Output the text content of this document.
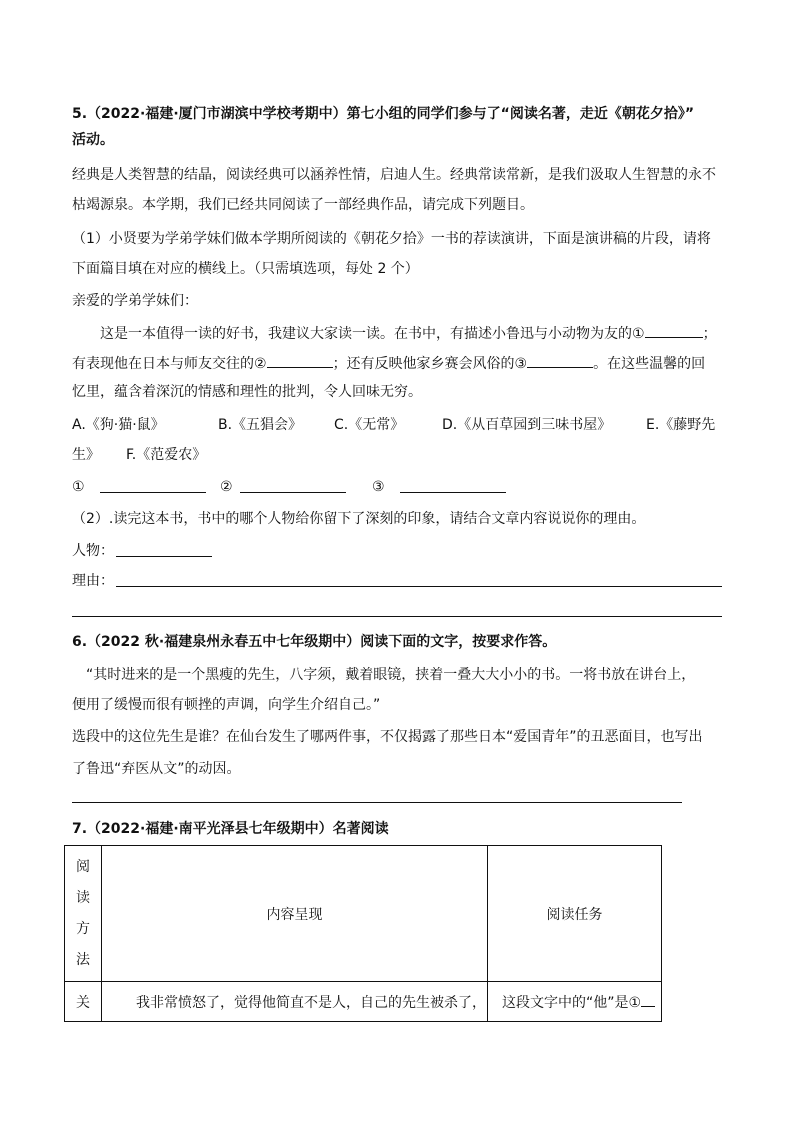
5.（2022·福建·厦门市湖滨中学校考期中）第七小组的同学们参与了“阅读名著，走近《朝花夕拾》”
活动。
经典是人类智慧的结晶，阅读经典可以涵养性情，启迪人生。经典常读常新，是我们汲取人生智慧的永不
枯竭源泉。本学期，我们已经共同阅读了一部经典作品，请完成下列题目。
（1）小贤要为学弟学妹们做本学期所阅读的《朝花夕拾》一书的荐读演讲，下面是演讲稿的片段，请将
下面篇目填在对应的横线上。（只需填选项，每处 2 个）
亲爱的学弟学妹们：
这是一本值得一读的好书，我建议大家读一读。在书中，有描述小鲁迅与小动物为友的①	；
有表现他在日本与师友交往的②	；还有反映他家乡赛会风俗的③	。在这些温馨的回
忆里，蕴含着深沉的情感和理性的批判，令人回味无穷。
A.《狗·猫·鼠》	B.《五猖会》 C.《无常》	D.《从百草园到三味书屋》 E.《藤野先
生》 F.《范爱农》
①	②	③
（2）.读完这本书，书中的哪个人物给你留下了深刻的印象，请结合文章内容说说你的理由。
人物：
理由：
6.（2022 秋·福建泉州永春五中七年级期中）阅读下面的文字，按要求作答。
“其时进来的是一个黑瘦的先生，八字须，戴着眼镜，挟着一叠大大小小的书。一将书放在讲台上，
便用了缓慢而很有顿挫的声调，向学生介绍自己。”
选段中的这位先生是谁？在仙台发生了哪两件事，不仅揭露了那些日本“爱国青年”的丑恶面目，也写出
了鲁迅“弃医从文”的动因。
7.（2022·福建·南平光泽县七年级期中）名著阅读
阅
读
方
法	内容呈现	阅读任务
关	我非常愤怒了，觉得他简直不是人，自己的先生被杀了，	这段文字中的“他”是①
